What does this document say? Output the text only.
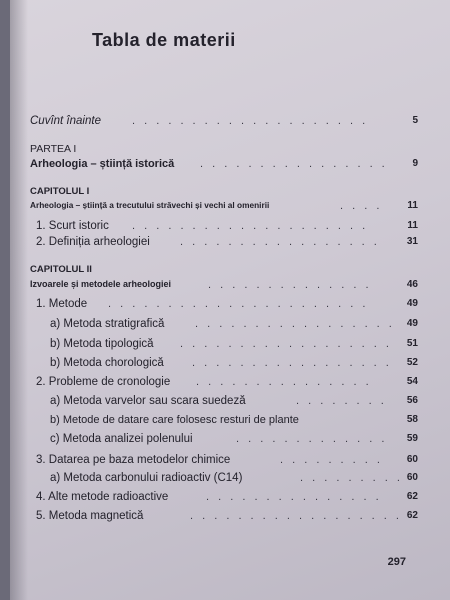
Tabla de materii
Cuvînt înainte	. . . . . . . . . . . . . . . . . . . .	5
PARTEA I
Arheologia – știință istorică . . . . . . . . . . . . . . . . 9
CAPITOLUL I
Arheologia – știință a trecutului străvechi și vechi al omenirii	. . . .	11
1. Scurt istoric . . . . . . . . . . . . . . . . . . . .	11
2. Definiția arheologiei	. . . . . . . . . . . . . . . . .	31
CAPITOLUL II
Izvoarele și metodele arheologiei	. . . . . . . . . . . . . .	46
1. Metode . . . . . . . . . . . . . . . . . . . . . .	49
a) Metoda stratigrafică	. . . . . . . . . . . . . . . . . 49
b) Metoda tipologică . . . . . . . . . . . . . . . . . . 51
b) Metoda chorologică	. . . . . . . . . . . . . . . . . 52
2. Probleme de cronologie . . . . . . . . . . . . . . .	54
a) Metoda varvelor sau scara suedeză	. . . . . . . . 56
b) Metode de datare care folosesc resturi de plante	58
c) Metoda analizei polenului	. . . . . . . . . . . . . 59
3. Datarea pe baza metodelor chimice	. . . . . . . . . 60
a) Metoda carbonului radioactiv (C14)	. . . . . . . . . 60
4. Alte metode radioactive	. . . . . . . . . . . . . . .	62
5. Metoda magnetică	. . . . . . . . . . . . . . . . . . 62
297
